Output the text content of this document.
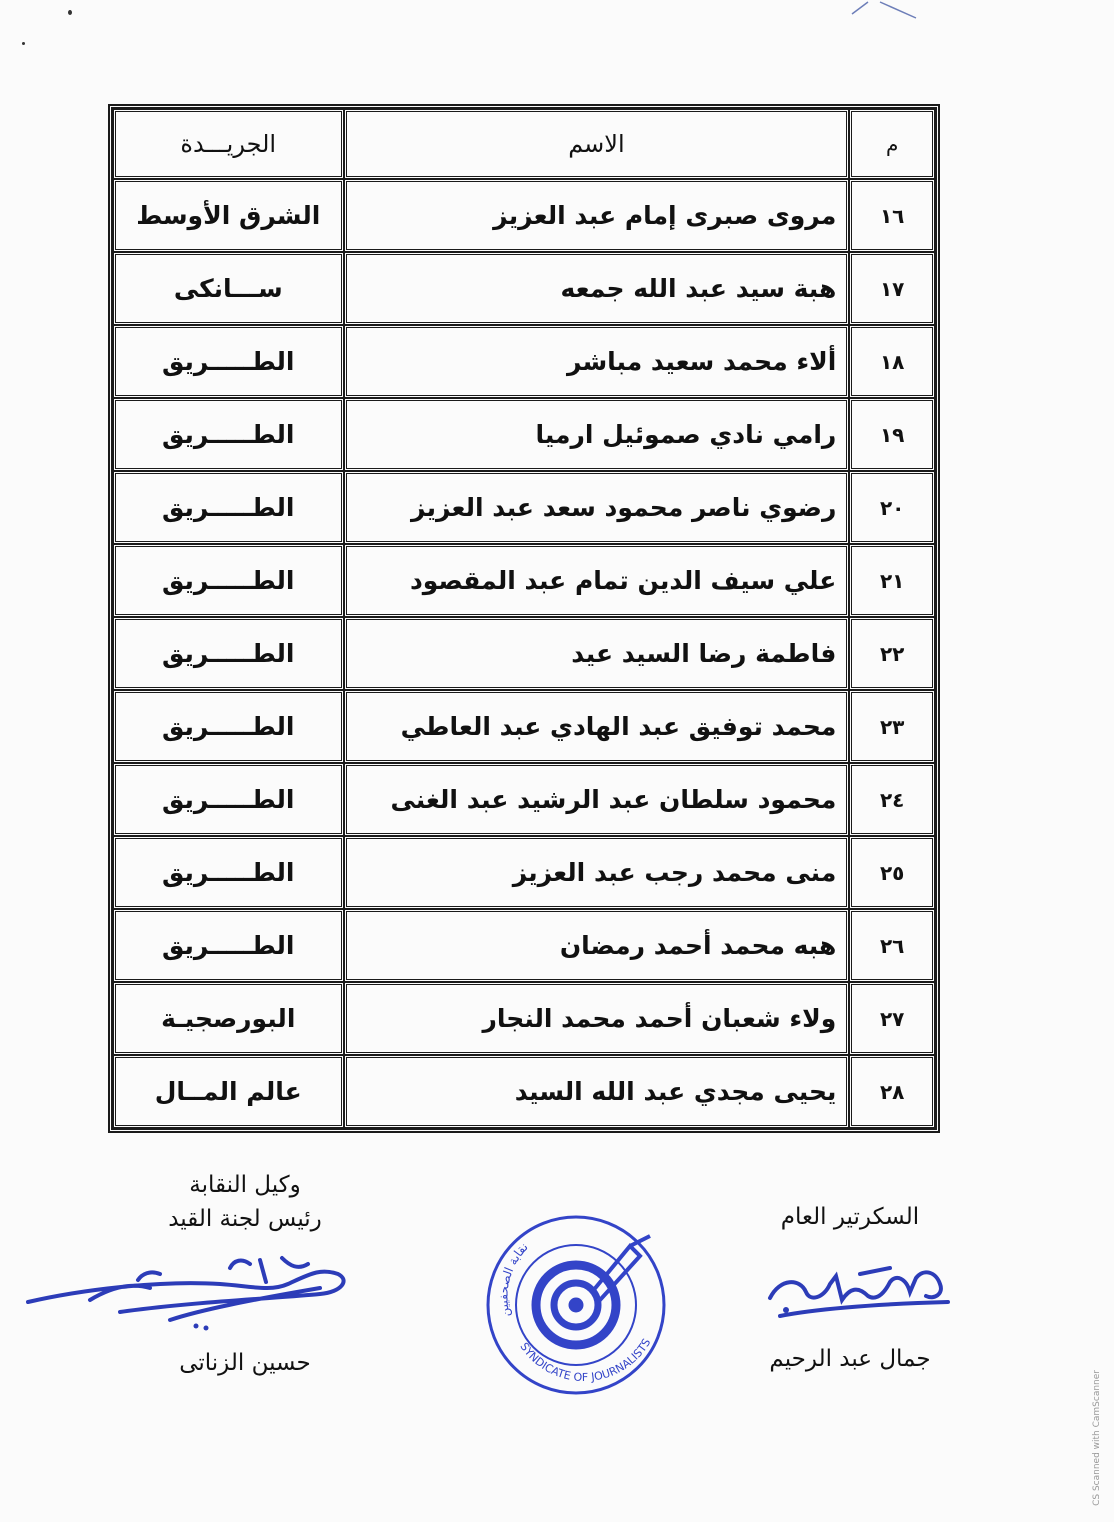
م	الاسم	الجريـــدة
١٦	مروى صبرى إمام عبد العزيز	الشرق الأوسط
١٧	هبة سيد عبد الله جمعه	ســـانكى
١٨	ألاء محمد سعيد مباشر	الطـــــريق
١٩	رامي نادي صموئيل ارميا	الطـــــريق
٢٠	رضوي ناصر محمود سعد عبد العزيز	الطـــــريق
٢١	علي سيف الدين تمام عبد المقصود	الطـــــريق
٢٢	فاطمة رضا السيد عيد	الطـــــريق
٢٣	محمد توفيق عبد الهادي عبد العاطي	الطـــــريق
٢٤	محمود سلطان عبد الرشيد عبد الغنى	الطـــــريق
٢٥	منى محمد رجب عبد العزيز	الطـــــريق
٢٦	هبه محمد أحمد رمضان	الطـــــريق
٢٧	ولاء شعبان أحمد محمد النجار	البورصجيـة
٢٨	يحيى مجدي عبد الله السيد	عالم المــال

وكيل النقابة

رئيس لجنة القيد

حسين الزناتى

نقابة الصحفيين
SYNDICATE OF JOURNALISTS

السكرتير العام

جمال عبد الرحيم

CS Scanned with CamScanner
